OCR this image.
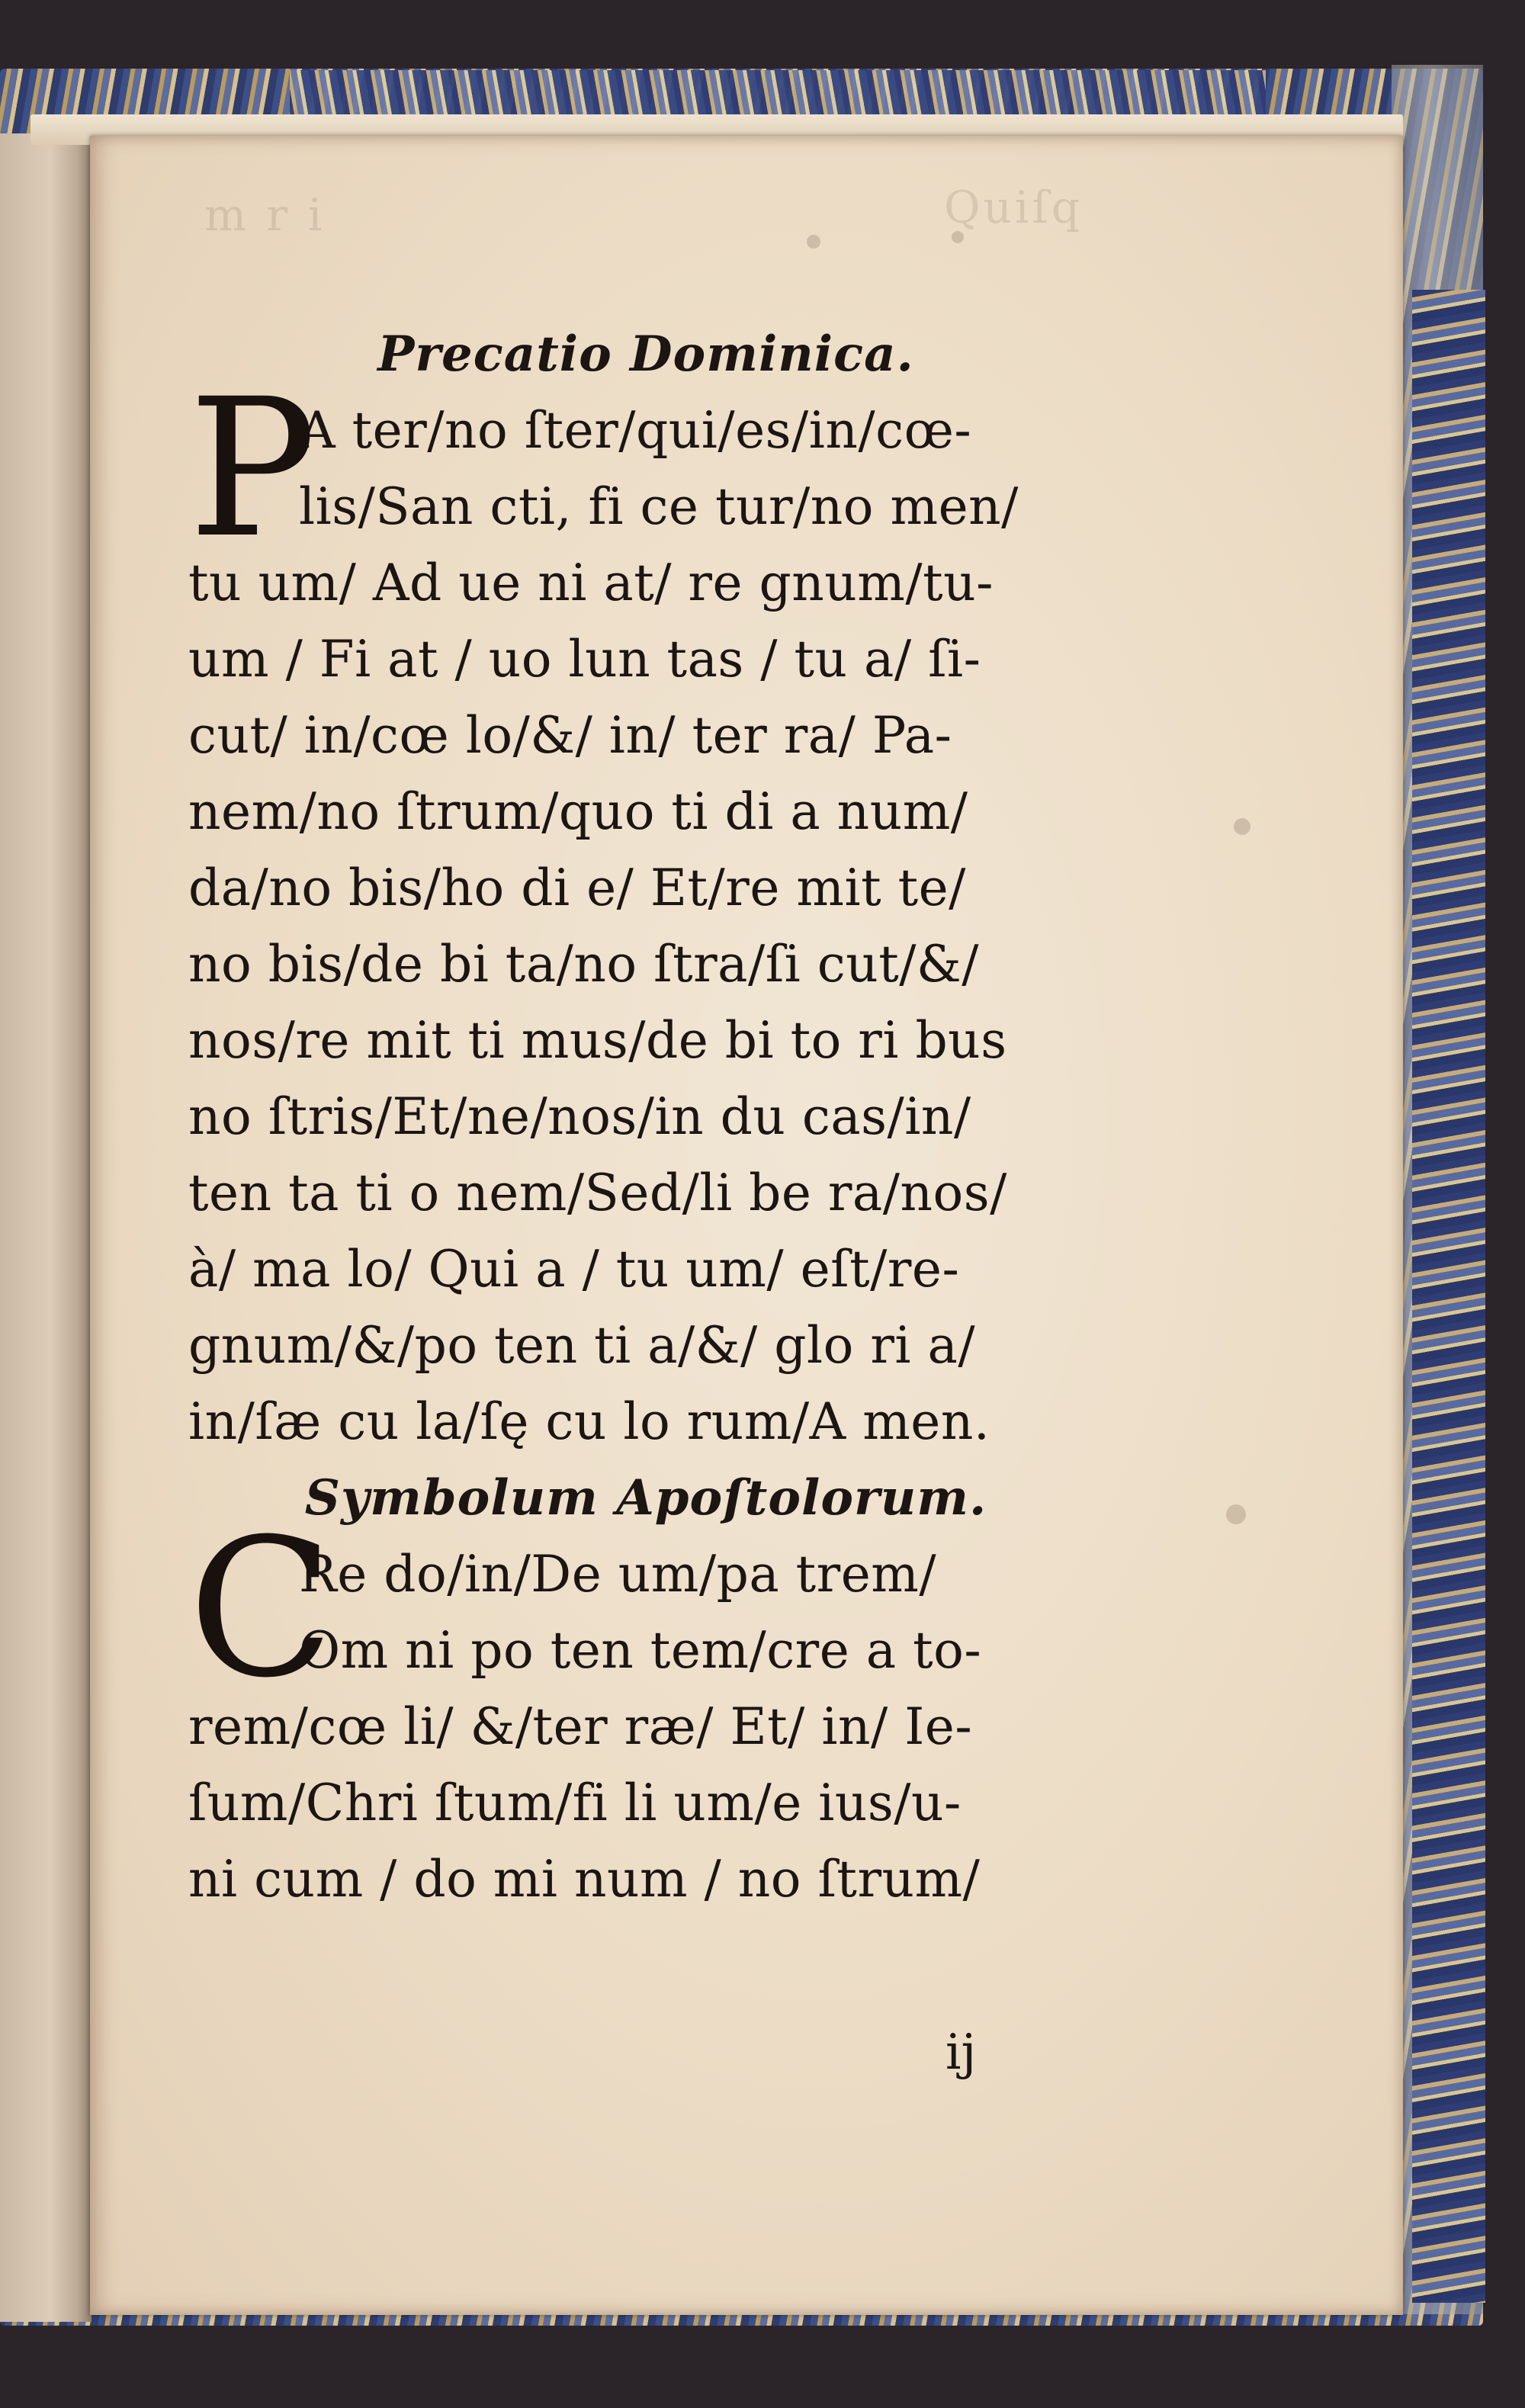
m r i	Quiſq
Precatio Dominica.
P
A ter/no ſter/qui/es/in/cœ-
lis/San cti, fi ce tur/no men/
tu um/ Ad ue ni at/ re gnum/tu-
um / Fi at / uo lun tas / tu a/ ſi-
cut/ in/cœ lo/&/ in/ ter ra/ Pa-
nem/no ſtrum/quo ti di a num/
da/no bis/ho di e/ Et/re mit te/
no bis/de bi ta/no ſtra/ſi cut/&/
nos/re mit ti mus/de bi to ri bus
no ſtris/Et/ne/nos/in du cas/in/
ten ta ti o nem/Sed/li be ra/nos/
à/ ma lo/ Qui a / tu um/ eſt/re-
gnum/&/po ten ti a/&/ glo ri a/
in/ſæ cu la/ſę cu lo rum/A men.
Symbolum Apoſtolorum.
C
Re do/in/De um/pa trem/
Om ni po ten tem/cre a to-
rem/cœ li/ &/ter ræ/ Et/ in/ Ie-
ſum/Chri ſtum/fi li um/e ius/u-
ni cum / do mi num / no ſtrum/
ij
